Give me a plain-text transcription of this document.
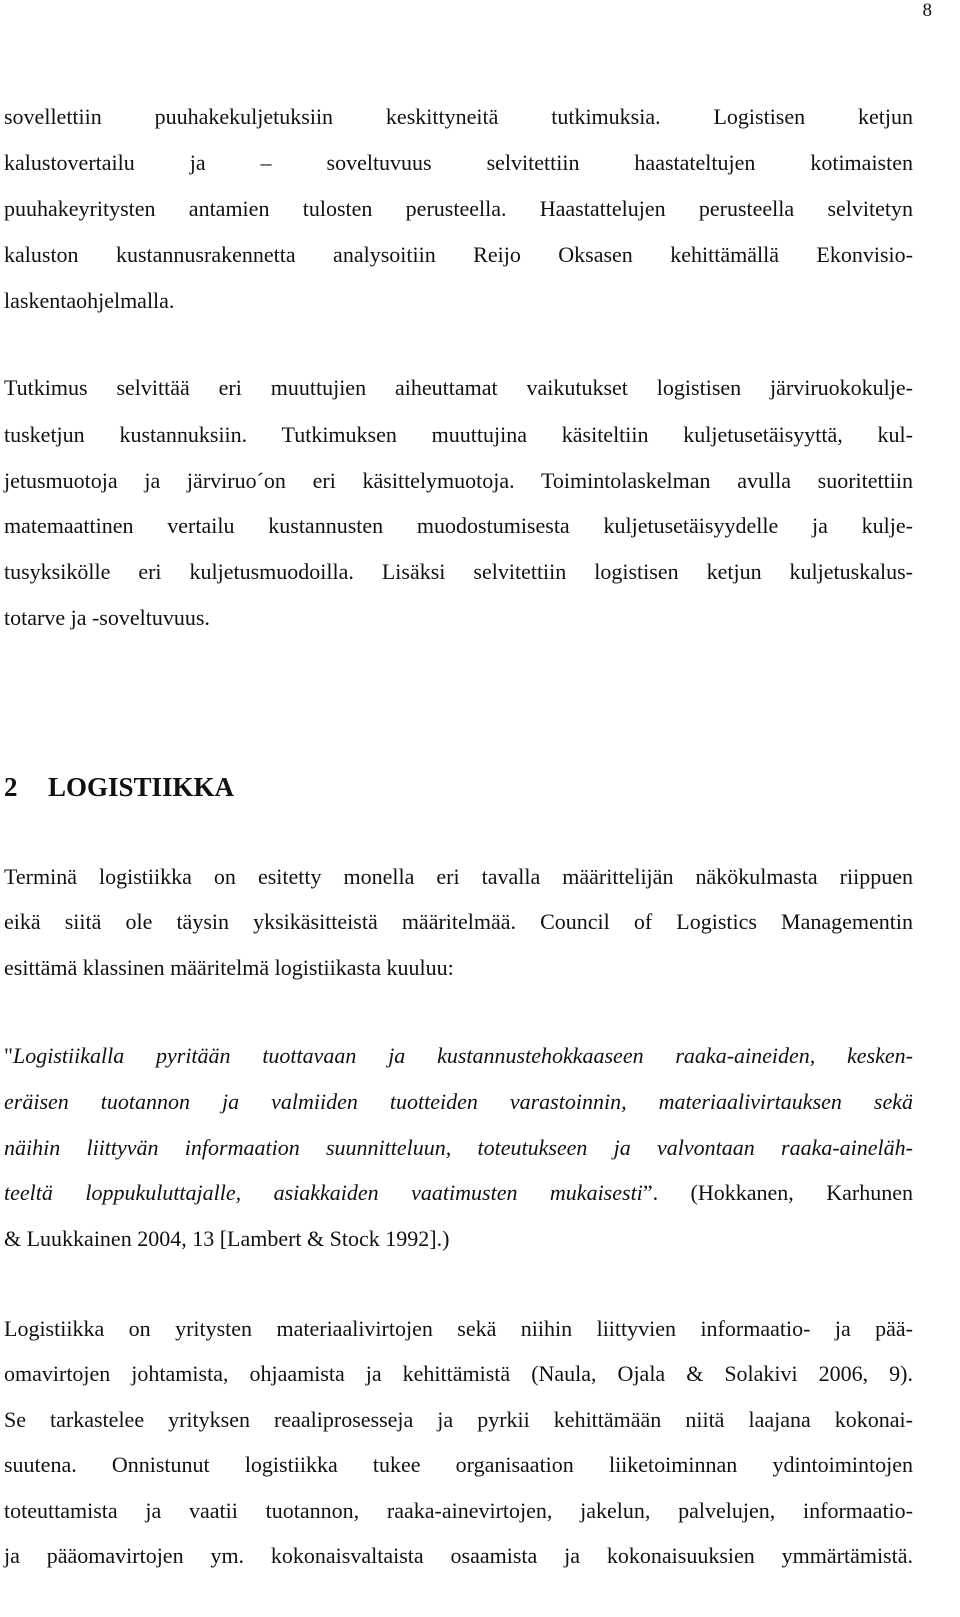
8
sovellettiin puuhakekuljetuksiin keskittyneitä tutkimuksia. Logistisen ketjun
kalustovertailu ja – soveltuvuus selvitettiin haastateltujen kotimaisten
puuhakeyritysten antamien tulosten perusteella. Haastattelujen perusteella selvitetyn
kaluston kustannusrakennetta analysoitiin Reijo Oksasen kehittämällä Ekonvisio-
laskentaohjelmalla.
Tutkimus selvittää eri muuttujien aiheuttamat vaikutukset logistisen järviruokokulje-
tusketjun kustannuksiin. Tutkimuksen muuttujina käsiteltiin kuljetusetäisyyttä, kul-
jetusmuotoja ja järviruo´on eri käsittelymuotoja. Toimintolaskelman avulla suoritettiin
matemaattinen vertailu kustannusten muodostumisesta kuljetusetäisyydelle ja kulje-
tusyksikölle eri kuljetusmuodoilla. Lisäksi selvitettiin logistisen ketjun kuljetuskalus-
totarve ja -soveltuvuus.
2 LOGISTIIKKA
Terminä logistiikka on esitetty monella eri tavalla määrittelijän näkökulmasta riippuen
eikä siitä ole täysin yksikäsitteistä määritelmää. Council of Logistics Managementin
esittämä klassinen määritelmä logistiikasta kuuluu:
"Logistiikalla pyritään tuottavaan ja kustannustehokkaaseen raaka-aineiden, kesken-
eräisen tuotannon ja valmiiden tuotteiden varastoinnin, materiaalivirtauksen sekä
näihin liittyvän informaation suunnitteluun, toteutukseen ja valvontaan raaka-aineläh-
teeltä loppukuluttajalle, asiakkaiden vaatimusten mukaisesti”. (Hokkanen, Karhunen
& Luukkainen 2004, 13 [Lambert & Stock 1992].)
Logistiikka on yritysten materiaalivirtojen sekä niihin liittyvien informaatio- ja pää-
omavirtojen johtamista, ohjaamista ja kehittämistä (Naula, Ojala & Solakivi 2006, 9).
Se tarkastelee yrityksen reaaliprosesseja ja pyrkii kehittämään niitä laajana kokonai-
suutena. Onnistunut logistiikka tukee organisaation liiketoiminnan ydintoimintojen
toteuttamista ja vaatii tuotannon, raaka-ainevirtojen, jakelun, palvelujen, informaatio-
ja pääomavirtojen ym. kokonaisvaltaista osaamista ja kokonaisuuksien ymmärtämistä.
